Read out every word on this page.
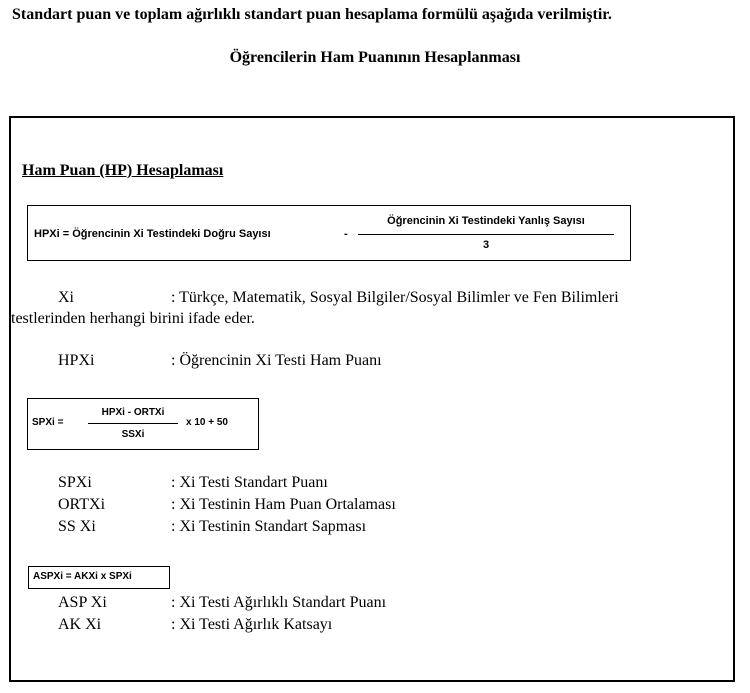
Standart puan ve toplam ağırlıklı standart puan hesaplama formülü aşağıda verilmiştir.
Öğrencilerin Ham Puanının Hesaplanması
Ham Puan (HP) Hesaplaması
HPXi = Öğrencinin Xi Testindeki Doğru Sayısı	-
Öğrencinin Xi Testindeki Yanlış Sayısı
3
Xi	: Türkçe, Matematik, Sosyal Bilgiler/Sosyal Bilimler ve Fen Bilimleri
testlerinden herhangi birini ifade eder.
HPXi	: Öğrencinin Xi Testi Ham Puanı
SPXi =
HPXi - ORTXi
SSXi
x 10 + 50
SPXi	: Xi Testi Standart Puanı
ORTXi	: Xi Testinin Ham Puan Ortalaması
SS Xi	: Xi Testinin Standart Sapması
ASPXi = AKXi x SPXi
ASP Xi	: Xi Testi Ağırlıklı Standart Puanı
AK Xi	: Xi Testi Ağırlık Katsayı
